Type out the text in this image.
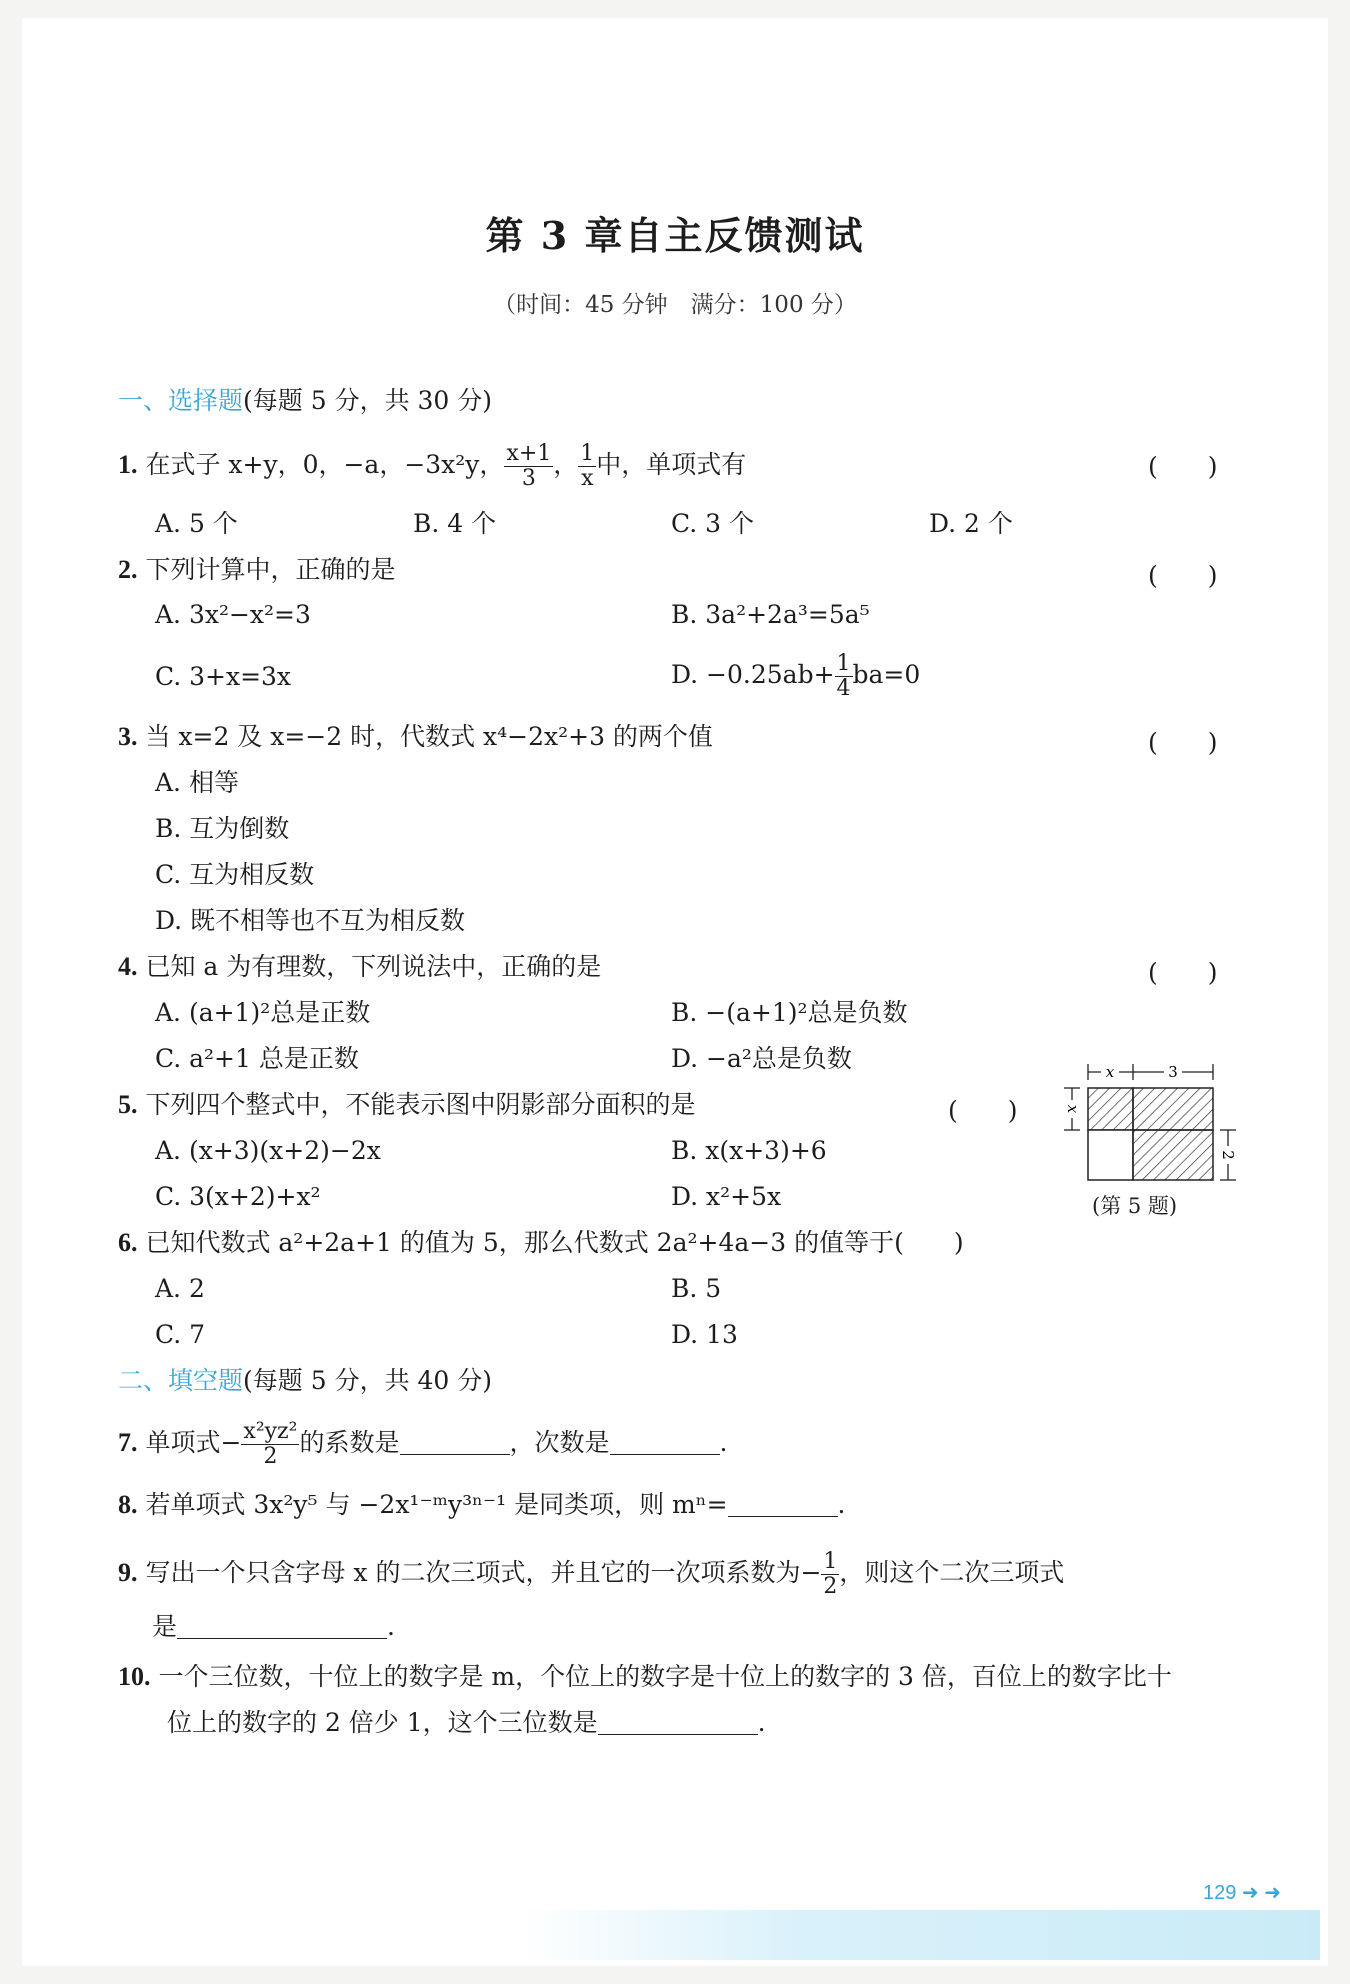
第 3 章自主反馈测试
（时间：45 分钟　满分：100 分）
一、选择题(每题 5 分，共 30 分)
1. 在式子 x+y，0，−a，−3x²y， $\frac{x+1}{3}$ ， $\frac{1}{x}$ 中，单项式有	(　　)
A. 5 个	B. 4 个	C. 3 个	D. 2 个
2. 下列计算中，正确的是	(　　)
A. 3x²−x²=3	B. 3a²+2a³=5a⁵
C. 3+x=3x	D. $-0.25ab+ \frac{1}{4} ba=0$
3. 当 x=2 及 x=−2 时，代数式 x⁴−2x²+3 的两个值	(　　)
A. 相等
B. 互为倒数
C. 互为相反数
D. 既不相等也不互为相反数
4. 已知 a 为有理数，下列说法中，正确的是	(　　)
A. (a+1)²总是正数	B. −(a+1)²总是负数
C. a²+1 总是正数	D. −a²总是负数
5. 下列四个整式中，不能表示图中阴影部分面积的是	(　　)
A. (x+3)(x+2)−2x	B. x(x+3)+6
C. 3(x+2)+x²	D. x²+5x
x	3
x
2
(第 5 题)
6. 已知代数式 a²+2a+1 的值为 5，那么代数式 2a²+4a−3 的值等于(　　)
A. 2	B. 5
C. 7	D. 13
二、填空题(每题 5 分，共 40 分)
7. 单项式− $\frac{\text{x²yz²}}{2}$ 的系数是	，次数是	.
8. 若单项式 3x²y⁵ 与 −2x¹⁻ᵐy³ⁿ⁻¹ 是同类项，则 mⁿ=	.
9. 写出一个只含字母 x 的二次三项式，并且它的一次项系数为− $\frac{1}{2}$ ，则这个二次三项式
是	.
10. 一个三位数，十位上的数字是 m，个位上的数字是十位上的数字的 3 倍，百位上的数字比十
位上的数字的 2 倍少 1，这个三位数是	.
129 ➜ ➜
